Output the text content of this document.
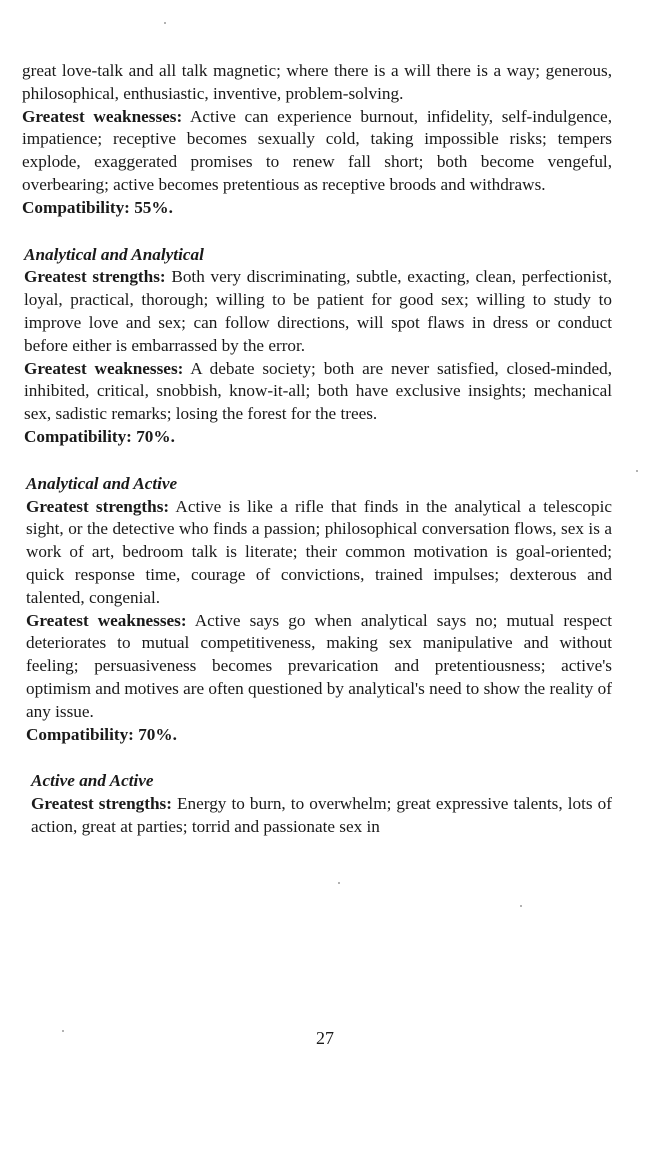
great love-talk and all talk magnetic; where there is a will there is a way; generous, philosophical, enthusiastic, inventive, problem-solving.

Greatest weaknesses: Active can experience burnout, infidelity, self-indulgence, impatience; receptive becomes sexually cold, taking impossible risks; tempers explode, exaggerated promises to renew fall short; both become vengeful, overbearing; active becomes pretentious as receptive broods and withdraws.

Compatibility: 55%.

Analytical and Analytical

Greatest strengths: Both very discriminating, subtle, exacting, clean, perfectionist, loyal, practical, thorough; willing to be patient for good sex; willing to study to improve love and sex; can follow directions, will spot flaws in dress or conduct before either is embarrassed by the error.

Greatest weaknesses: A debate society; both are never satisfied, closed-minded, inhibited, critical, snobbish, know-it-all; both have exclusive insights; mechanical sex, sadistic remarks; losing the forest for the trees.

Compatibility: 70%.

Analytical and Active

Greatest strengths: Active is like a rifle that finds in the analytical a telescopic sight, or the detective who finds a passion; philosophical conversation flows, sex is a work of art, bedroom talk is literate; their common motivation is goal-oriented; quick response time, courage of convictions, trained impulses; dexterous and talented, congenial.

Greatest weaknesses: Active says go when analytical says no; mutual respect deteriorates to mutual competitiveness, making sex manipulative and without feeling; persuasiveness becomes prevarication and pretentiousness; active's optimism and motives are often questioned by analytical's need to show the reality of any issue.

Compatibility: 70%.

Active and Active

Greatest strengths: Energy to burn, to overwhelm; great expressive talents, lots of action, great at parties; torrid and passionate sex in

27
